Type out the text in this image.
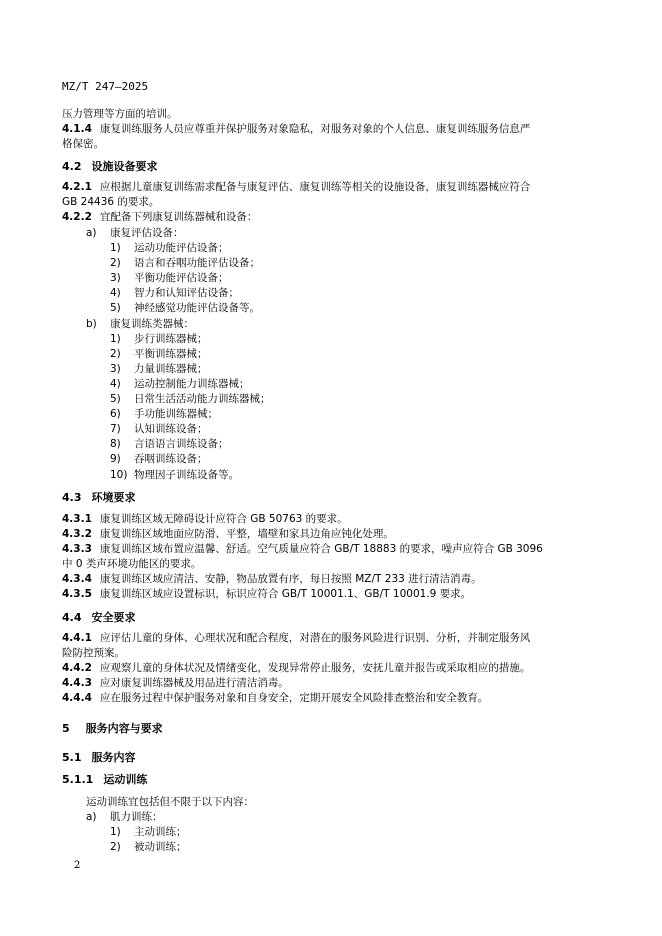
MZ/T 247—2025
压力管理等方面的培训。
4.1.4 康复训练服务人员应尊重并保护服务对象隐私，对服务对象的个人信息、康复训练服务信息严
格保密。
4.2 设施设备要求
4.2.1 应根据儿童康复训练需求配备与康复评估、康复训练等相关的设施设备，康复训练器械应符合
GB 24436 的要求。
4.2.2 宜配备下列康复训练器械和设备：
a) 康复评估设备：
1) 运动功能评估设备；
2) 语言和吞咽功能评估设备；
3) 平衡功能评估设备；
4) 智力和认知评估设备；
5) 神经感觉功能评估设备等。
b) 康复训练类器械：
1) 步行训练器械；
2) 平衡训练器械；
3) 力量训练器械；
4) 运动控制能力训练器械；
5) 日常生活活动能力训练器械；
6) 手功能训练器械；
7) 认知训练设备；
8) 言语语言训练设备；
9) 吞咽训练设备；
10) 物理因子训练设备等。
4.3 环境要求
4.3.1 康复训练区域无障碍设计应符合 GB 50763 的要求。
4.3.2 康复训练区域地面应防滑、平整，墙壁和家具边角应钝化处理。
4.3.3 康复训练区域布置应温馨、舒适。空气质量应符合 GB/T 18883 的要求，噪声应符合 GB 3096
中 0 类声环境功能区的要求。
4.3.4 康复训练区域应清洁、安静，物品放置有序，每日按照 MZ/T 233 进行清洁消毒。
4.3.5 康复训练区域应设置标识，标识应符合 GB/T 10001.1、GB/T 10001.9 要求。
4.4 安全要求
4.4.1 应评估儿童的身体、心理状况和配合程度，对潜在的服务风险进行识别、分析，并制定服务风
险防控预案。
4.4.2 应观察儿童的身体状况及情绪变化，发现异常停止服务，安抚儿童并报告或采取相应的措施。
4.4.3 应对康复训练器械及用品进行清洁消毒。
4.4.4 应在服务过程中保护服务对象和自身安全，定期开展安全风险排查整治和安全教育。
5 服务内容与要求
5.1 服务内容
5.1.1 运动训练
运动训练宜包括但不限于以下内容：
a) 肌力训练：
1) 主动训练；
2) 被动训练；
2
